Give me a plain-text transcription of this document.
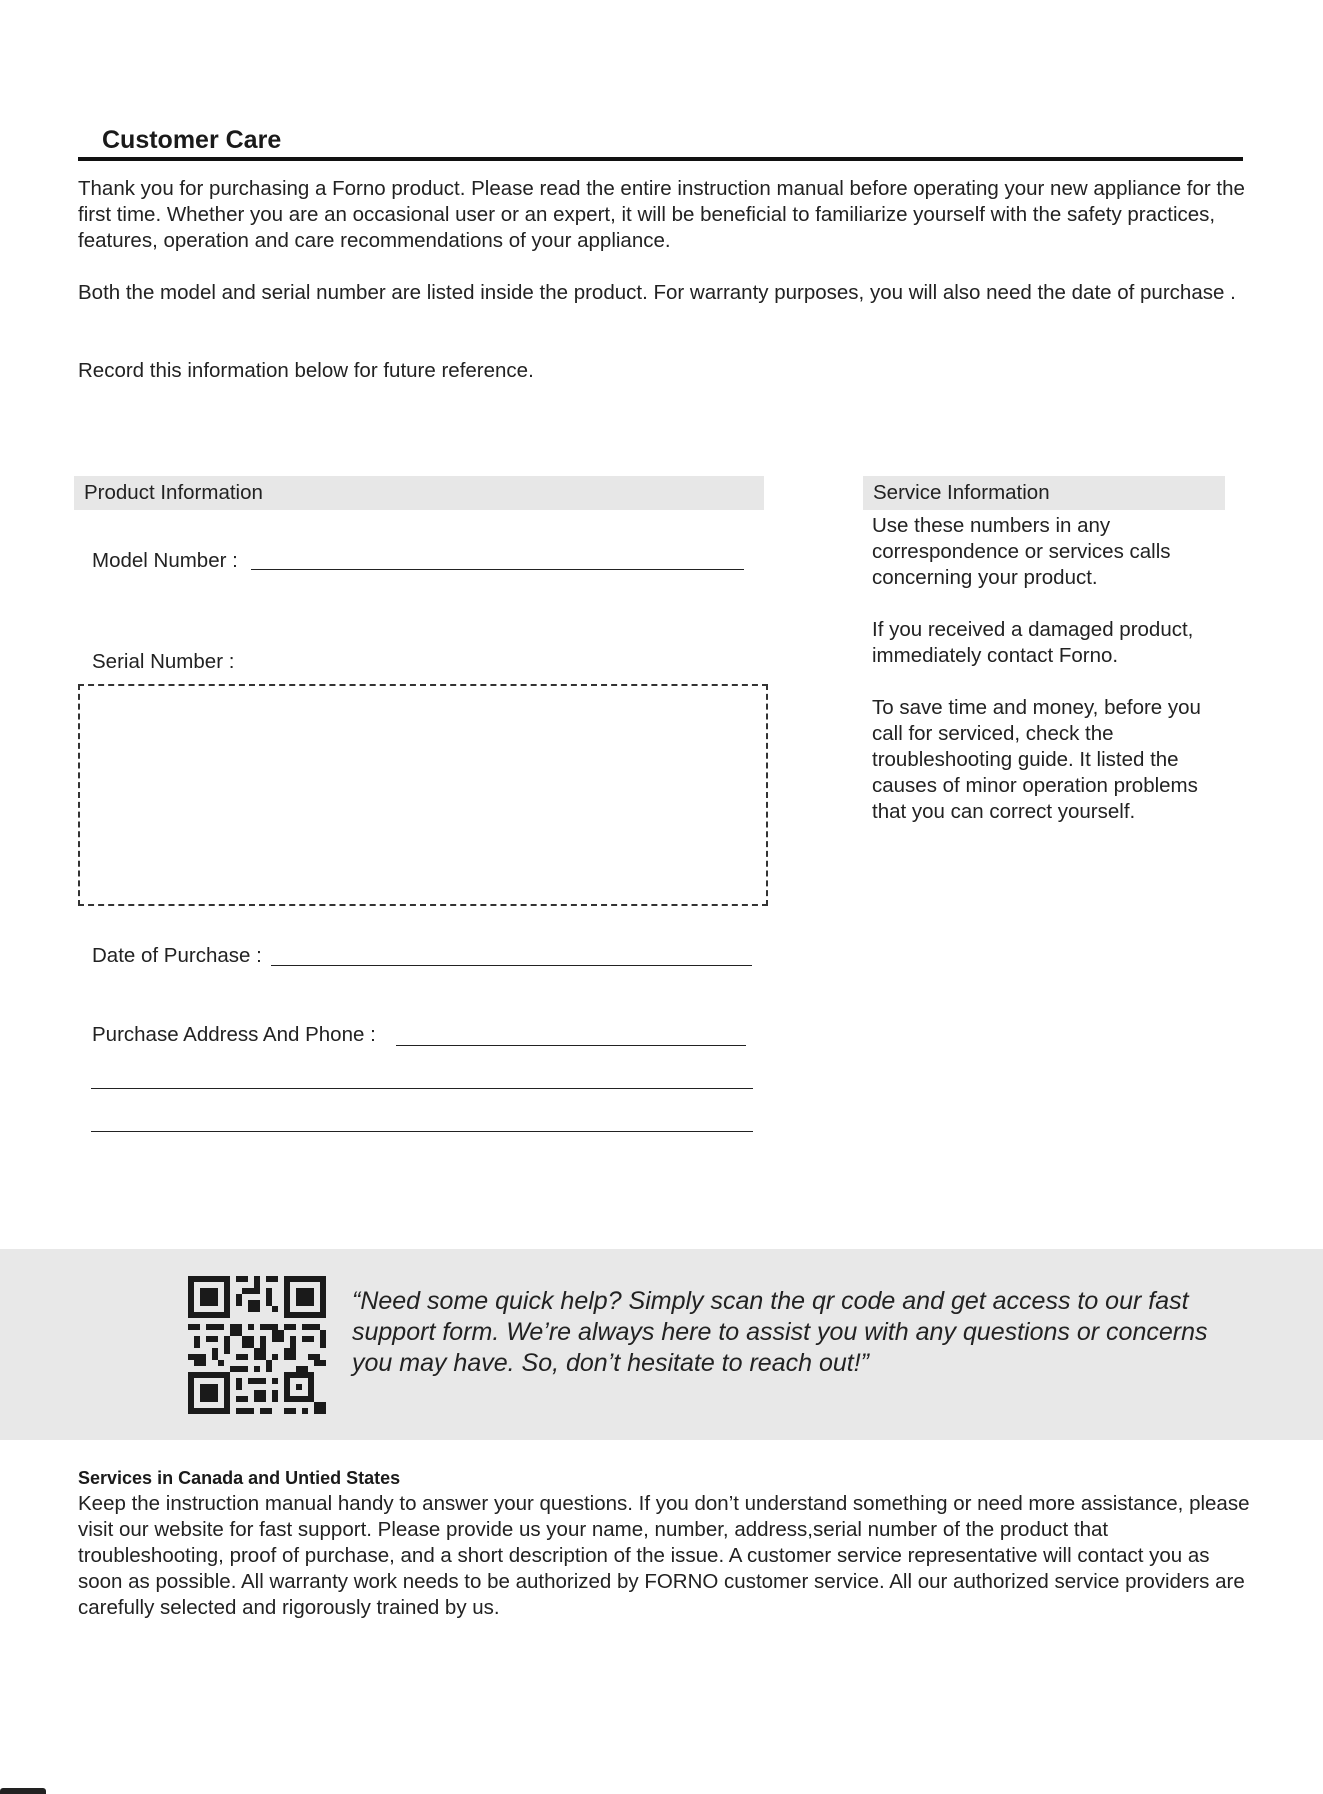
Customer Care

Thank you for purchasing a Forno product. Please read the entire instruction manual before operating your new appliance for the first time. Whether you are an occasional user or an expert, it will be beneficial to familiarize yourself with the safety practices, features, operation and care recommendations of your appliance.

Both the model and serial number are listed inside the product. For warranty purposes, you will also need the date of purchase .

Record this information below for future reference.

Product Information
Model Number :
Serial Number :
Date of Purchase :
Purchase Address And Phone :
Service Information

Use these numbers in any correspondence or services calls concerning your product.

If you received a damaged product, immediately contact Forno.

To save time and money, before you call for serviced, check the troubleshooting guide. It listed the causes of minor operation problems that you can correct yourself.

“Need some quick help? Simply scan the qr code and get access to our fast support form. We’re always here to assist you with any questions or concerns you may have. So, don’t hesitate to reach out!”
Services in Canada and Untied States
Keep the instruction manual handy to answer your questions. If you don’t understand something or need more assistance, please visit our website for fast support. Please provide us your name, number, address,serial number of the product that troubleshooting, proof of purchase, and a short description of the issue. A customer service representative will contact you as soon as possible. All warranty work needs to be authorized by FORNO customer service. All our authorized service providers are carefully selected and rigorously trained by us.
